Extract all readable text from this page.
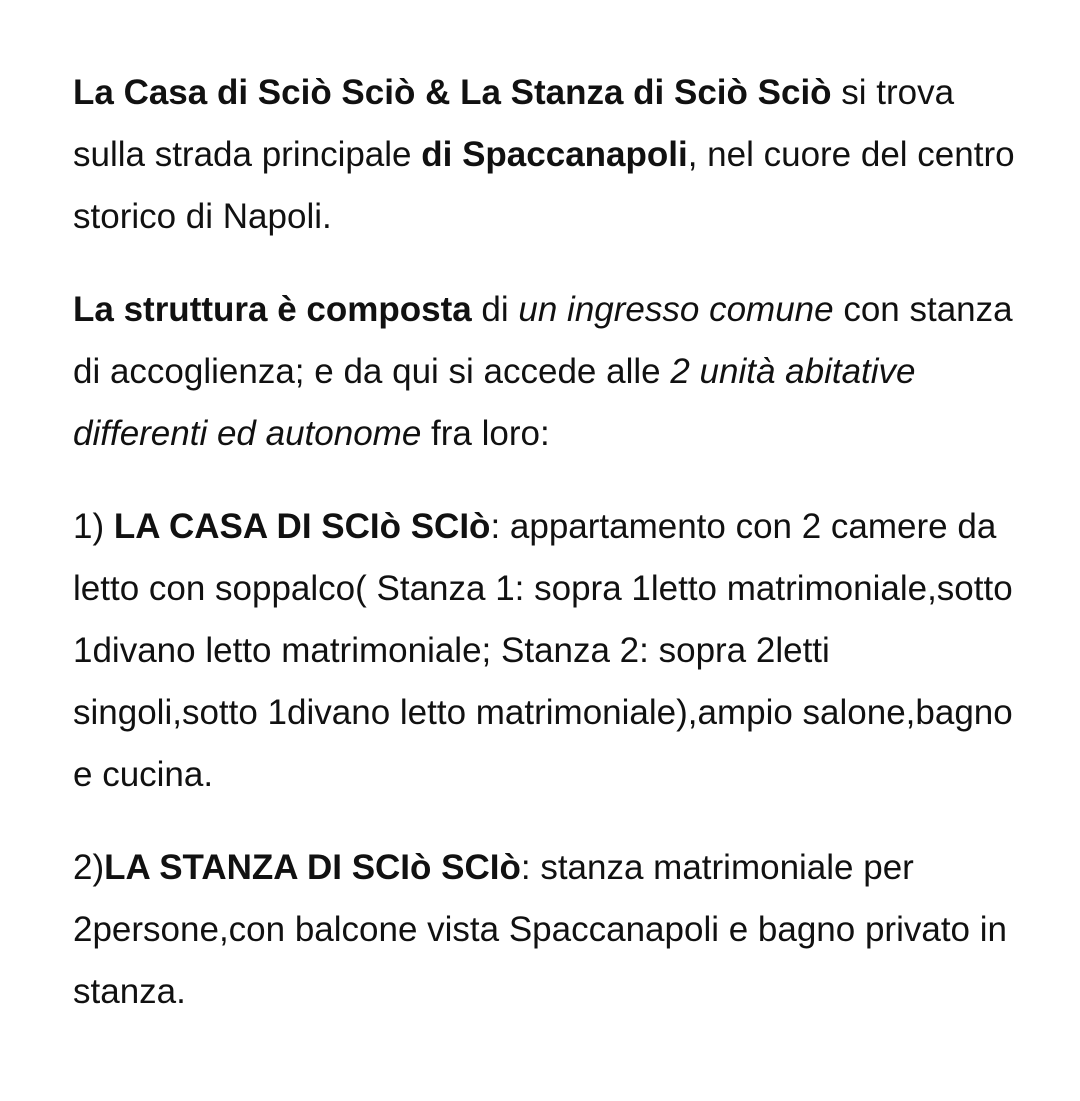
La Casa di Sciò Sciò & La Stanza di Sciò Sciò si trova sulla strada principale di Spaccanapoli, nel cuore del centro storico di Napoli.

La struttura è composta di un ingresso comune con stanza di accoglienza; e da qui si accede alle 2 unità abitative differenti ed autonome fra loro:

1) LA CASA DI SCIò SCIò: appartamento con 2 camere da letto con soppalco( Stanza 1: sopra 1letto matrimoniale,sotto 1divano letto matrimoniale; Stanza 2: sopra 2letti singoli,sotto 1divano letto matrimoniale),ampio salone,bagno e cucina.

2)LA STANZA DI SCIò SCIò: stanza matrimoniale per 2persone,con balcone vista Spaccanapoli e bagno privato in stanza.
